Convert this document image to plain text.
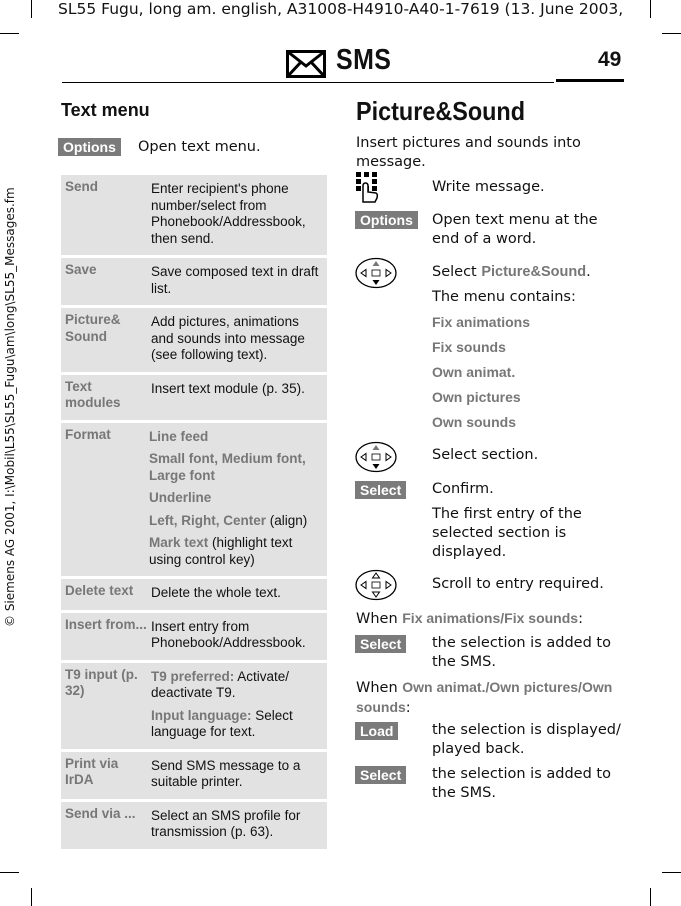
SL55 Fugu, long am. english, A31008-H4910-A40-1-7619 (13. June 2003,
© Siemens AG 2001, I:\Mobil\L55\SL55_Fugu\am\long\SL55_Messages.fm
SMS	49
Text menu
Options	Open text menu.
Send	Enter recipient's phone number/select from Phonebook/Addressbook, then send.
Save	Save composed text in draft list.
Picture& Sound	Add pictures, animations and sounds into message (see following text).
Text modules	Insert text module (p. 35).
Format	Line feed
Small font, Medium font, Large font
Underline
Left, Right, Center (align)
Mark text (highlight text using control key)

Delete text	Delete the whole text.
Insert from...	Insert entry from Phonebook/Addressbook.
T9 input (p. 32)	T9 preferred: Activate/ deactivate T9.
Input language: Select language for text.

Print via IrDA	Send SMS message to a suitable printer.
Send via ...	Select an SMS profile for transmission (p. 63).
Picture&Sound
Insert pictures and sounds into message.
Write message.
Options	Open text menu at the end of a word.
Select Picture&Sound.
The menu contains:
Fix animations
Fix sounds
Own animat.
Own pictures
Own sounds
Select section.
Select	Confirm.
The first entry of the selected section is displayed.
Scroll to entry required.
When Fix animations/Fix sounds:
Select	the selection is added to the SMS.
When Own animat./Own pictures/Own sounds:
Load	the selection is displayed/ played back.
Select	the selection is added to the SMS.
